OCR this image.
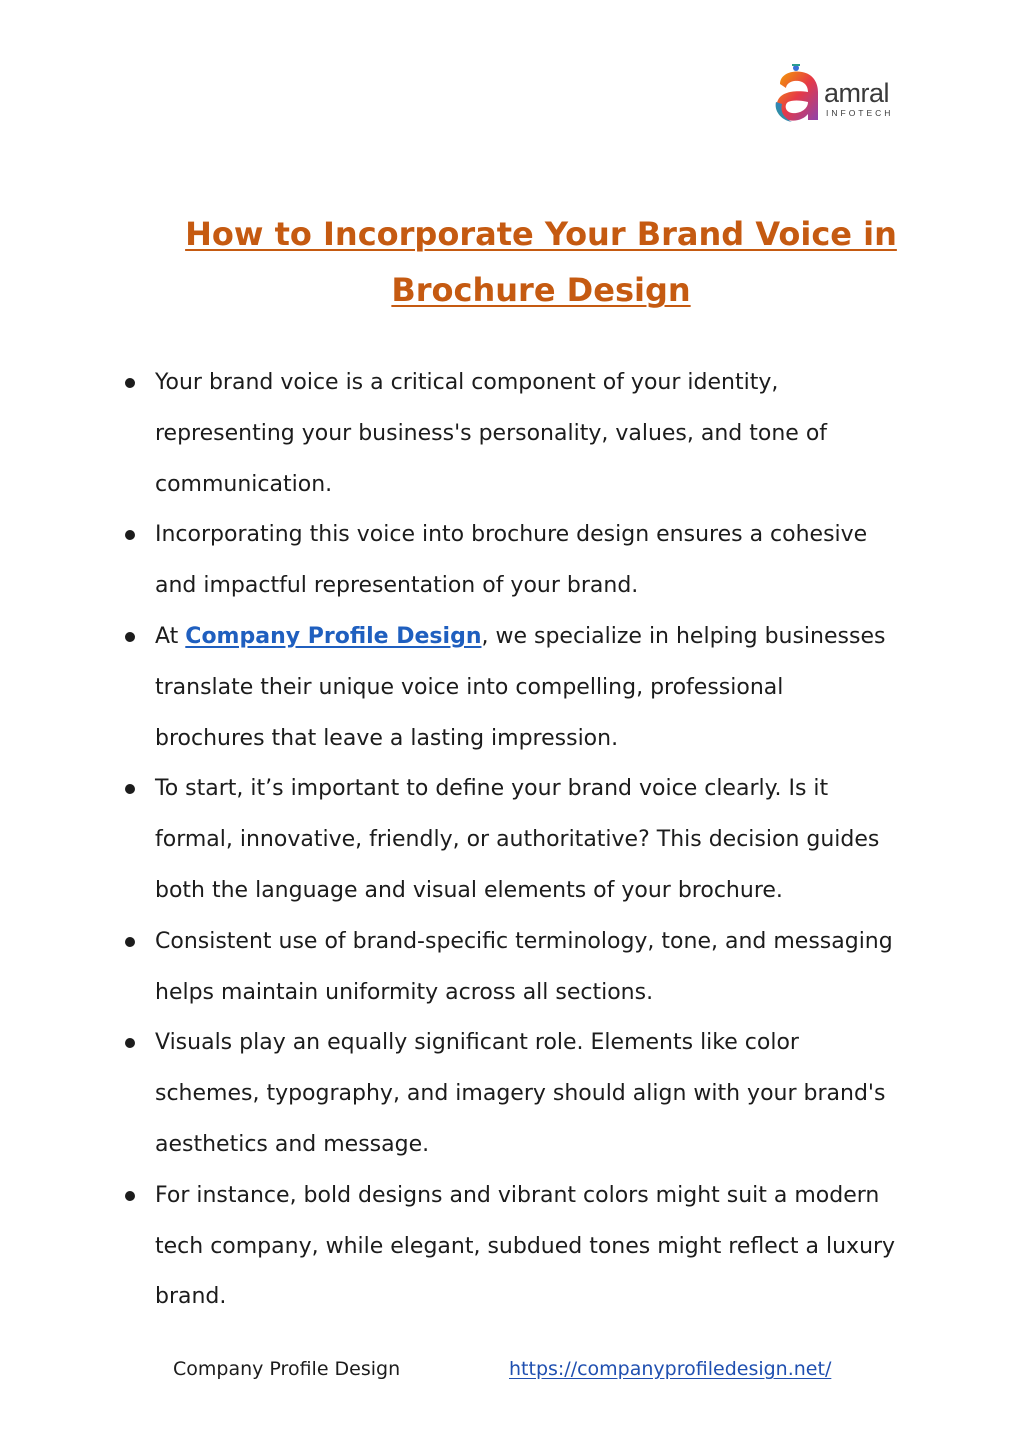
amral
INFOTECH
How to Incorporate Your Brand Voice in
Brochure Design
Your brand voice is a critical component of your identity,
representing your business's personality, values, and tone of
communication.
Incorporating this voice into brochure design ensures a cohesive
and impactful representation of your brand.
At Company Profile Design, we specialize in helping businesses
translate their unique voice into compelling, professional
brochures that leave a lasting impression.
To start, it’s important to define your brand voice clearly. Is it
formal, innovative, friendly, or authoritative? This decision guides
both the language and visual elements of your brochure.
Consistent use of brand-specific terminology, tone, and messaging
helps maintain uniformity across all sections.
Visuals play an equally significant role. Elements like color
schemes, typography, and imagery should align with your brand's
aesthetics and message.
For instance, bold designs and vibrant colors might suit a modern
tech company, while elegant, subdued tones might reflect a luxury
brand.
Company Profile Design	https://companyprofiledesign.net/
